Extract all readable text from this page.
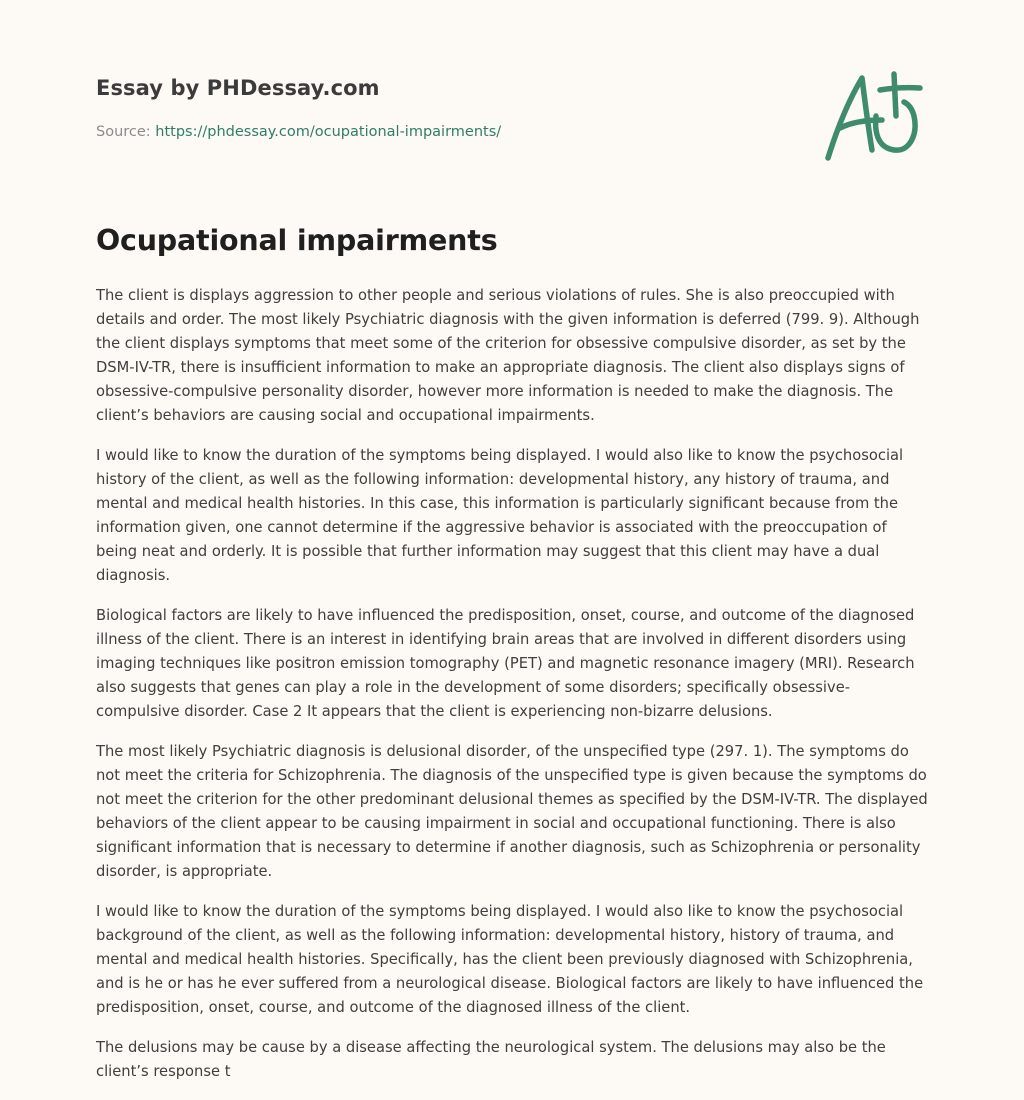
Essay by PHDessay.com
Source: https://phdessay.com/ocupational-impairments/
Ocupational impairments

The client is displays aggression to other people and serious violations of rules. She is also preoccupied with details and order. The most likely Psychiatric diagnosis with the given information is deferred (799. 9). Although the client displays symptoms that meet some of the criterion for obsessive compulsive disorder, as set by the DSM-IV-TR, there is insufficient information to make an appropriate diagnosis. The client also displays signs of obsessive-compulsive personality disorder, however more information is needed to make the diagnosis. The client’s behaviors are causing social and occupational impairments.

I would like to know the duration of the symptoms being displayed. I would also like to know the psychosocial history of the client, as well as the following information: developmental history, any history of trauma, and mental and medical health histories. In this case, this information is particularly significant because from the information given, one cannot determine if the aggressive behavior is associated with the preoccupation of being neat and orderly. It is possible that further information may suggest that this client may have a dual diagnosis.

Biological factors are likely to have influenced the predisposition, onset, course, and outcome of the diagnosed illness of the client. There is an interest in identifying brain areas that are involved in different disorders using imaging techniques like positron emission tomography (PET) and magnetic resonance imagery (MRI). Research also suggests that genes can play a role in the development of some disorders; specifically obsessive-compulsive disorder. Case 2 It appears that the client is experiencing non-bizarre delusions.

The most likely Psychiatric diagnosis is delusional disorder, of the unspecified type (297. 1). The symptoms do not meet the criteria for Schizophrenia. The diagnosis of the unspecified type is given because the symptoms do not meet the criterion for the other predominant delusional themes as specified by the DSM-IV-TR. The displayed behaviors of the client appear to be causing impairment in social and occupational functioning. There is also significant information that is necessary to determine if another diagnosis, such as Schizophrenia or personality disorder, is appropriate.

I would like to know the duration of the symptoms being displayed. I would also like to know the psychosocial background of the client, as well as the following information: developmental history, history of trauma, and mental and medical health histories. Specifically, has the client been previously diagnosed with Schizophrenia, and is he or has he ever suffered from a neurological disease. Biological factors are likely to have influenced the predisposition, onset, course, and outcome of the diagnosed illness of the client.

The delusions may be cause by a disease affecting the neurological system. The delusions may also be the client’s response t
